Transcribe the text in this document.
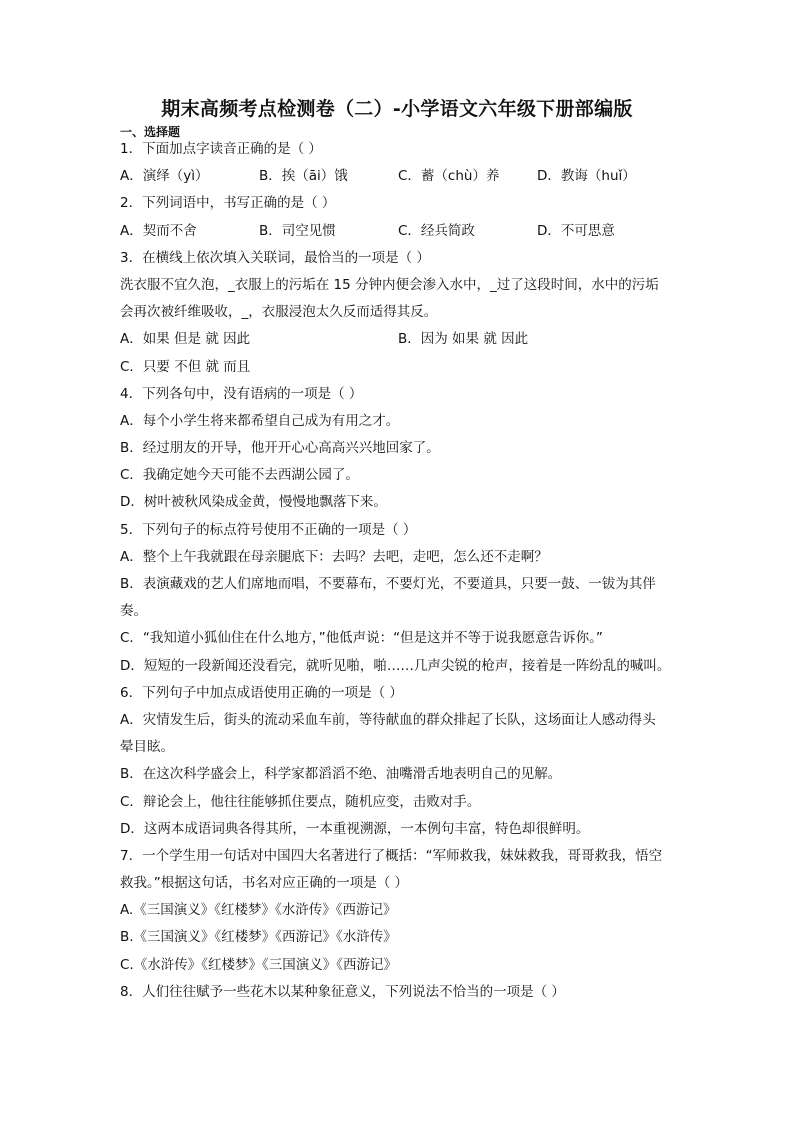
期末高频考点检测卷（二）-小学语文六年级下册部编版
一、选择题
1．下面加点字读音正确的是（ ）
A．演绎（yì）	B．挨（āi）饿	C．蓄（chù）养	D．教诲（huǐ）
2．下列词语中，书写正确的是（ ）
A．契而不舍	B．司空见惯	C．经兵简政	D．不可思意
3．在横线上依次填入关联词，最恰当的一项是（ ）
洗衣服不宜久泡，_衣服上的污垢在 15 分钟内便会渗入水中，_过了这段时间，水中的污垢
会再次被纤维吸收，_，衣服浸泡太久反而适得其反。
A．如果 但是 就 因此	B．因为 如果 就 因此
C．只要 不但 就 而且
4．下列各句中，没有语病的一项是（ ）
A．每个小学生将来都希望自己成为有用之才。
B．经过朋友的开导，他开开心心高高兴兴地回家了。
C．我确定她今天可能不去西湖公园了。
D．树叶被秋风染成金黄，慢慢地飘落下来。
5．下列句子的标点符号使用不正确的一项是（ ）
A．整个上午我就跟在母亲腿底下：去吗？去吧，走吧，怎么还不走啊？
B．表演藏戏的艺人们席地而唱，不要幕布，不要灯光，不要道具，只要一鼓、一钹为其伴
奏。
C．“我知道小狐仙住在什么地方，”他低声说：“但是这并不等于说我愿意告诉你。”
D．短短的一段新闻还没看完，就听见啪，啪……几声尖锐的枪声，接着是一阵纷乱的喊叫。
6．下列句子中加点成语使用正确的一项是（ ）
A．灾情发生后，街头的流动采血车前，等待献血的群众排起了长队，这场面让人感动得头
晕目眩。
B．在这次科学盛会上，科学家都滔滔不绝、油嘴滑舌地表明自己的见解。
C．辩论会上，他往往能够抓住要点，随机应变，击败对手。
D．这两本成语词典各得其所，一本重视溯源，一本例句丰富，特色却很鲜明。
7．一个学生用一句话对中国四大名著进行了概括：“军师救我，妹妹救我，哥哥救我，悟空
救我。”根据这句话，书名对应正确的一项是（ ）
A.《三国演义》《红楼梦》《水浒传》《西游记》
B.《三国演义》《红楼梦》《西游记》《水浒传》
C.《水浒传》《红楼梦》《三国演义》《西游记》
8．人们往往赋予一些花木以某种象征意义，下列说法不恰当的一项是（ ）
